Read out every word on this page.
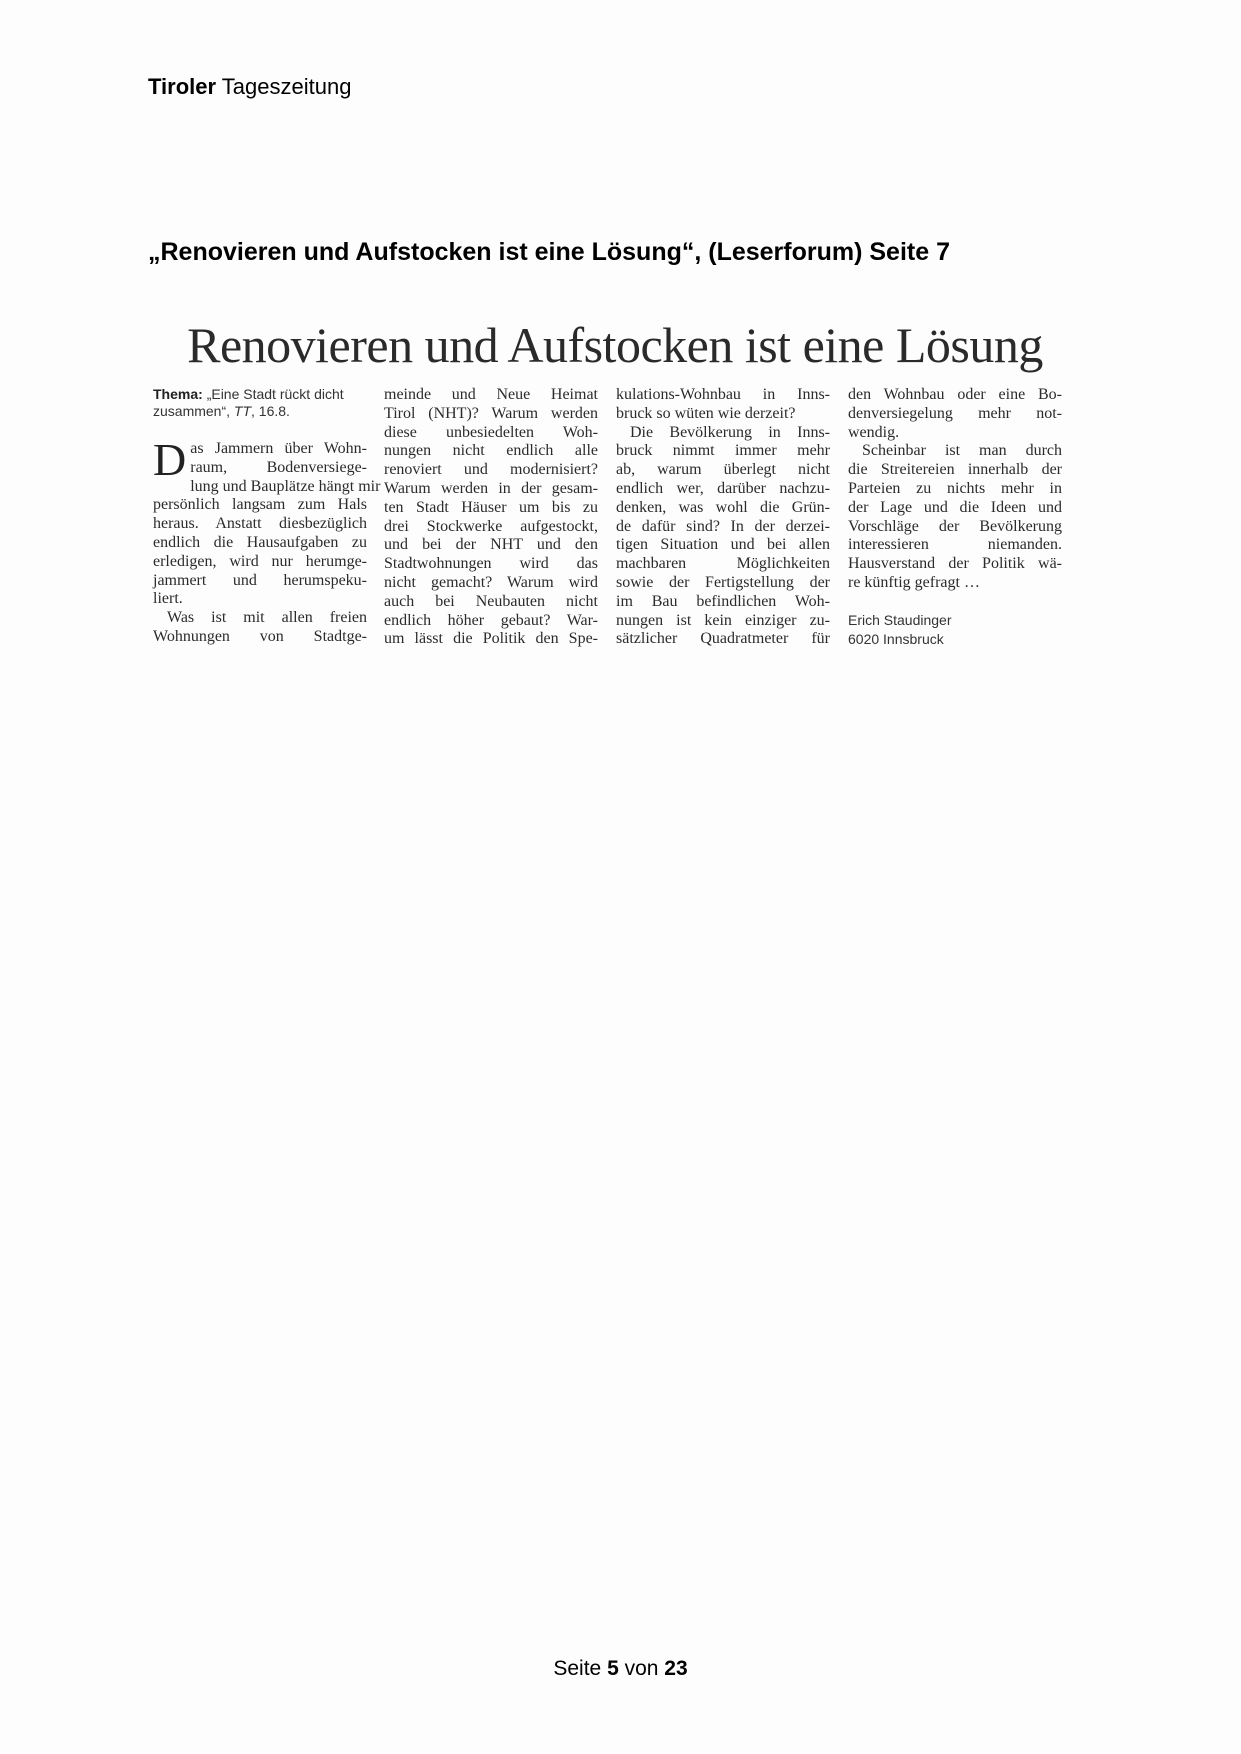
Tiroler Tageszeitung
„Renovieren und Aufstocken ist eine Lösung“, (Leserforum) Seite 7
Renovieren und Aufstocken ist eine Lösung
Thema: „Eine Stadt rückt dicht zusammen“, TT, 16.8.
D as Jammern über Wohn-
raum, Bodenversiege-
lung und Bauplätze hängt mir
persönlich langsam zum Hals
heraus. Anstatt diesbezüglich
endlich die Hausaufgaben zu
erledigen, wird nur herumge-
jammert und herumspeku-
liert.
Was ist mit allen freien
Wohnungen von Stadtge-
meinde und Neue Heimat
Tirol (NHT)? Warum werden
diese unbesiedelten Woh-
nungen nicht endlich alle
renoviert und modernisiert?
Warum werden in der gesam-
ten Stadt Häuser um bis zu
drei Stockwerke aufgestockt,
und bei der NHT und den
Stadtwohnungen wird das
nicht gemacht? Warum wird
auch bei Neubauten nicht
endlich höher gebaut? War-
um lässt die Politik den Spe-
kulations-Wohnbau in Inns-
bruck so wüten wie derzeit?
Die Bevölkerung in Inns-
bruck nimmt immer mehr
ab, warum überlegt nicht
endlich wer, darüber nachzu-
denken, was wohl die Grün-
de dafür sind? In der derzei-
tigen Situation und bei allen
machbaren Möglichkeiten
sowie der Fertigstellung der
im Bau befindlichen Woh-
nungen ist kein einziger zu-
sätzlicher Quadratmeter für
den Wohnbau oder eine Bo-
denversiegelung mehr not-
wendig.
Scheinbar ist man durch
die Streitereien innerhalb der
Parteien zu nichts mehr in
der Lage und die Ideen und
Vorschläge der Bevölkerung
interessieren niemanden.
Hausverstand der Politik wä-
re künftig gefragt …
Erich Staudinger
6020 Innsbruck
Seite 5 von 23
